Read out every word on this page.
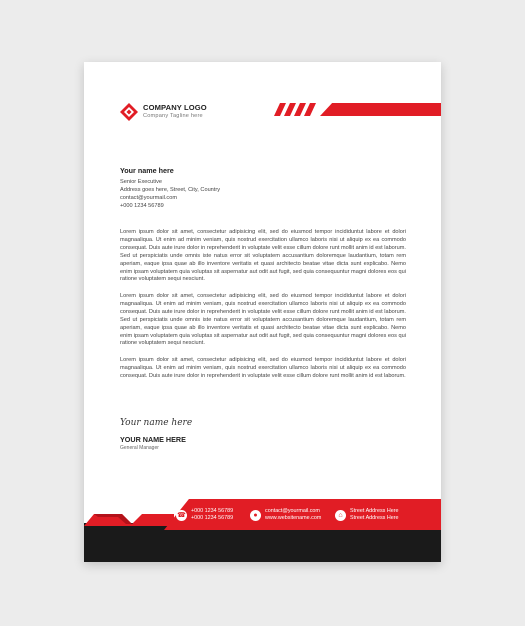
COMPANY LOGO
Company Tagline here
Your name here
Senior Executive
Address goes here, Street, City, Country
contact@yourmail.com
+000 1234 56789
Lorem ipsum dolor sit amet, consectetur adipisicing elit, sed do eiusmod tempor incididuntut labore et dolori magnaaliqua. Ut enim ad minim veniam, quis nostrud exercitation ullamco laboris nisi ut aliquip ex ea commodo consequat. Duis aute irure dolor in reprehenderit in voluptate velit esse cillum dolore runt mollit anim id est laborum. Sed ut perspiciatis unde omnis iste natus error sit voluptatem accusantium doloremque laudantium, totam rem aperiam, eaque ipsa quae ab illo inventore veritatis et quasi architecto beatae vitae dicta sunt explicabo. Nemo enim ipsam voluptatem quia voluptas sit aspernatur aut odit aut fugit, sed quia consequuntur magni dolores eos qui ratione voluptatem sequi nesciunt.
Lorem ipsum dolor sit amet, consectetur adipisicing elit, sed do eiusmod tempor incididuntut labore et dolori magnaaliqua. Ut enim ad minim veniam, quis nostrud exercitation ullamco laboris nisi ut aliquip ex ea commodo consequat. Duis aute irure dolor in reprehenderit in voluptate velit esse cillum dolore runt mollit anim id est laborum. Sed ut perspiciatis unde omnis iste natus error sit voluptatem accusantium doloremque laudantium, totam rem aperiam, eaque ipsa quae ab illo inventore veritatis et quasi architecto beatae vitae dicta sunt explicabo. Nemo enim ipsam voluptatem quia voluptas sit aspernatur aut odit aut fugit, sed quia consequuntur magni dolores eos qui ratione voluptatem sequi nesciunt.
Lorem ipsum dolor sit amet, consectetur adipisicing elit, sed do eiusmod tempor incididuntut labore et dolori magnaaliqua. Ut enim ad minim veniam, quis nostrud exercitation ullamco laboris nisi ut aliquip ex ea commodo consequat. Duis aute irure dolor in reprehenderit in voluptate velit esse cillum dolore runt mollit anim id est laborum.
Your name here
YOUR NAME HERE
General Manager
☎
+000 1234 56789
+000 1234 56789	●
contact@yourmail.com
www.websitename.com	⌂
Street Address Here
Street Address Here
